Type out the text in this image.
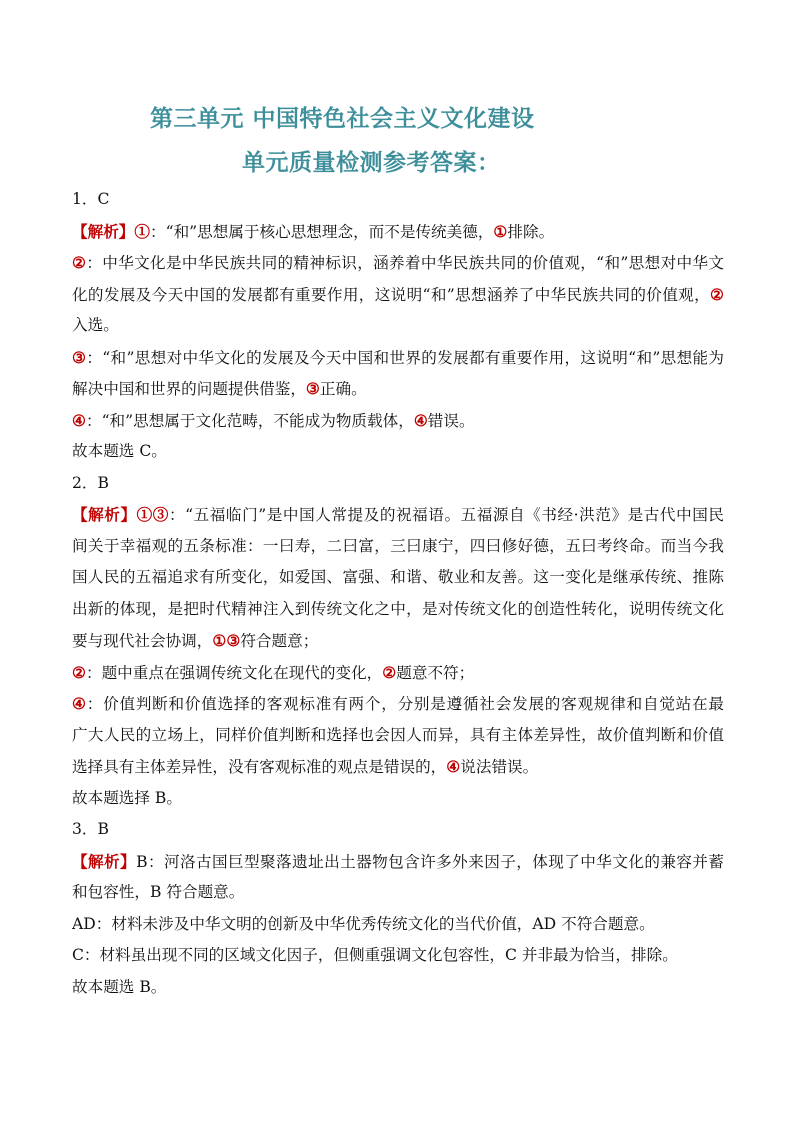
第三单元 中国特色社会主义文化建设
单元质量检测参考答案：
1．C
【解析】①：“和”思想属于核心思想理念，而不是传统美德，①排除。
②：中华文化是中华民族共同的精神标识，涵养着中华民族共同的价值观，“和”思想对中华文
化的发展及今天中国的发展都有重要作用，这说明“和”思想涵养了中华民族共同的价值观，②
入选。
③：“和”思想对中华文化的发展及今天中国和世界的发展都有重要作用，这说明“和”思想能为
解决中国和世界的问题提供借鉴，③正确。
④：“和”思想属于文化范畴，不能成为物质载体，④错误。
故本题选 C。
2．B
【解析】①③：“五福临门”是中国人常提及的祝福语。五福源自《书经·洪范》是古代中国民
间关于幸福观的五条标准：一曰寿，二曰富，三曰康宁，四曰修好德，五曰考终命。而当今我
国人民的五福追求有所变化，如爱国、富强、和谐、敬业和友善。这一变化是继承传统、推陈
出新的体现，是把时代精神注入到传统文化之中，是对传统文化的创造性转化，说明传统文化
要与现代社会协调，①③符合题意；
②：题中重点在强调传统文化在现代的变化，②题意不符；
④：价值判断和价值选择的客观标准有两个，分别是遵循社会发展的客观规律和自觉站在最
广大人民的立场上，同样价值判断和选择也会因人而异，具有主体差异性，故价值判断和价值
选择具有主体差异性，没有客观标准的观点是错误的，④说法错误。
故本题选择 B。
3．B
【解析】B：河洛古国巨型聚落遗址出土器物包含许多外来因子，体现了中华文化的兼容并蓄
和包容性，B 符合题意。
AD：材料未涉及中华文明的创新及中华优秀传统文化的当代价值，AD 不符合题意。
C：材料虽出现不同的区域文化因子，但侧重强调文化包容性，C 并非最为恰当，排除。
故本题选 B。
